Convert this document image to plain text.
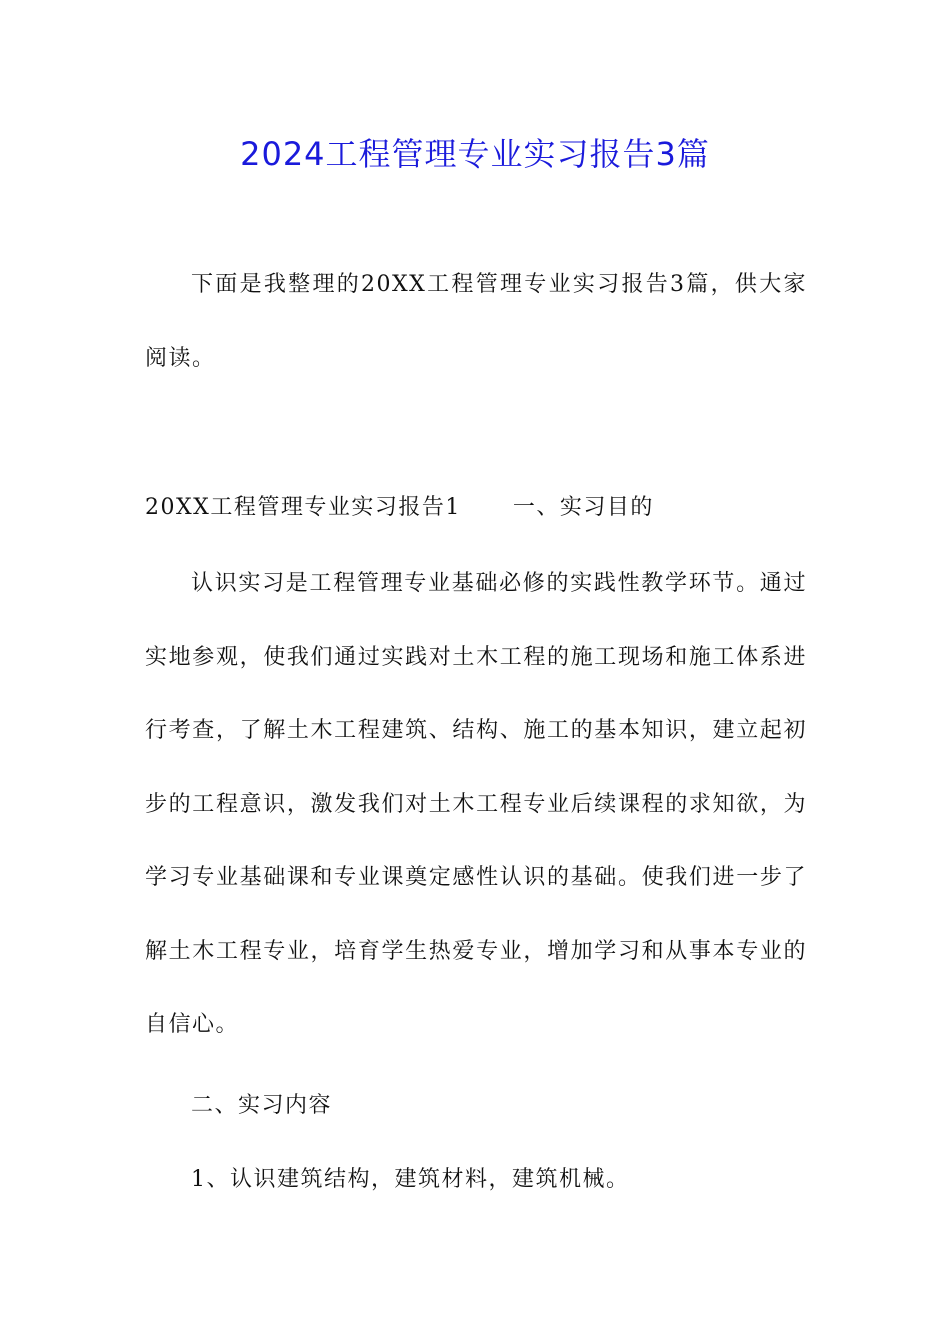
2024工程管理专业实习报告3篇

下面是我整理的20XX工程管理专业实习报告3篇，供大家阅读。

20XX工程管理专业实习报告1 一、实习目的

认识实习是工程管理专业基础必修的实践性教学环节。通过实地参观，使我们通过实践对土木工程的施工现场和施工体系进行考查，了解土木工程建筑、结构、施工的基本知识，建立起初步的工程意识，激发我们对土木工程专业后续课程的求知欲，为学习专业基础课和专业课奠定感性认识的基础。使我们进一步了解土木工程专业，培育学生热爱专业，增加学习和从事本专业的自信心。

二、实习内容

1、认识建筑结构，建筑材料，建筑机械。
